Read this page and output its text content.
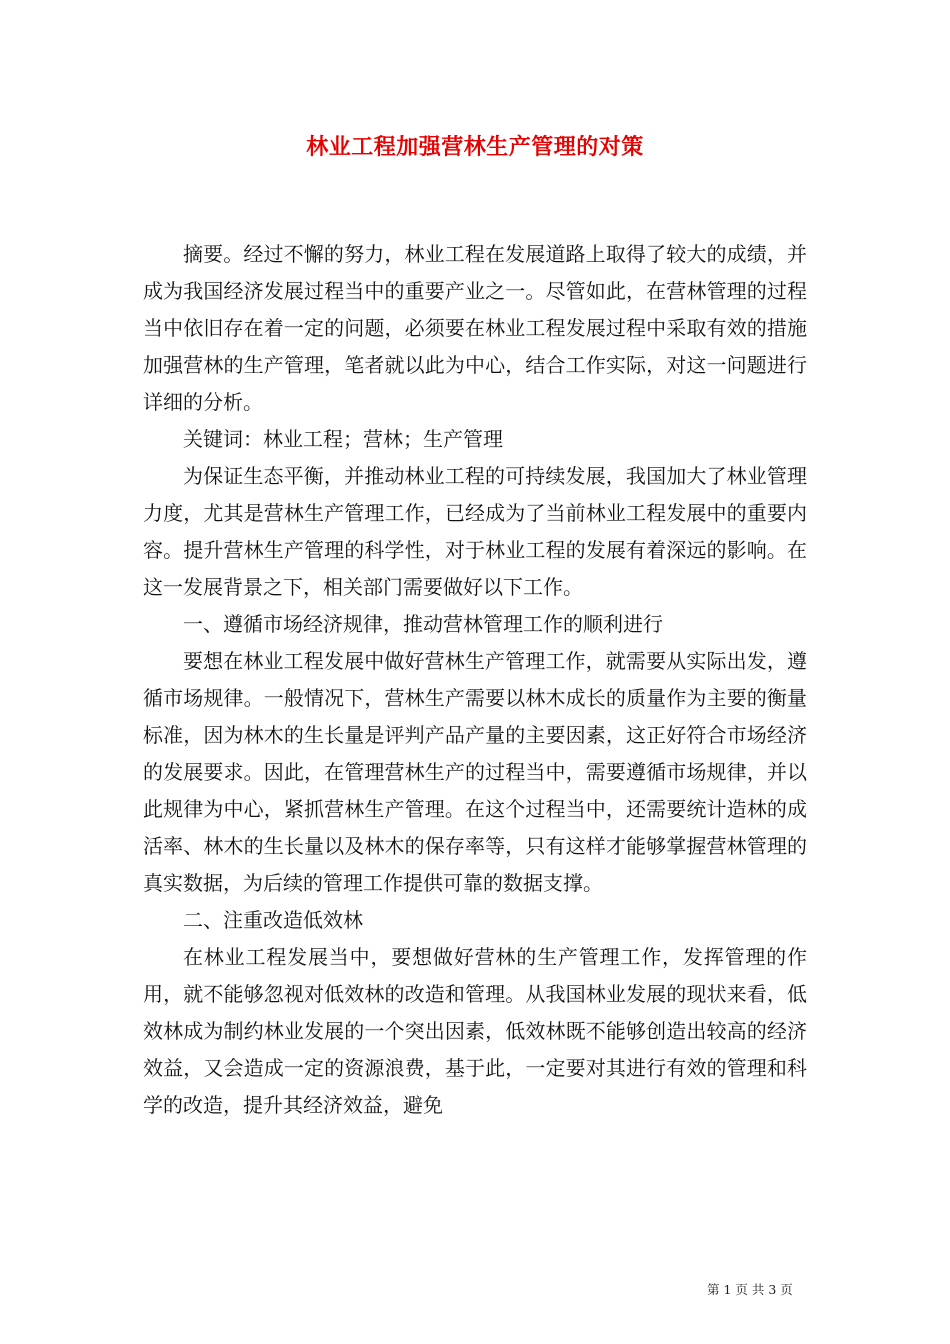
林业工程加强营林生产管理的对策

摘要。经过不懈的努力，林业工程在发展道路上取得了较大的成绩，并成为我国经济发展过程当中的重要产业之一。尽管如此，在营林管理的过程当中依旧存在着一定的问题，必须要在林业工程发展过程中采取有效的措施加强营林的生产管理，笔者就以此为中心，结合工作实际，对这一问题进行详细的分析。

关键词：林业工程；营林；生产管理

为保证生态平衡，并推动林业工程的可持续发展，我国加大了林业管理力度，尤其是营林生产管理工作，已经成为了当前林业工程发展中的重要内容。提升营林生产管理的科学性，对于林业工程的发展有着深远的影响。在这一发展背景之下，相关部门需要做好以下工作。

一、遵循市场经济规律，推动营林管理工作的顺利进行

要想在林业工程发展中做好营林生产管理工作，就需要从实际出发，遵循市场规律。一般情况下，营林生产需要以林木成长的质量作为主要的衡量标准，因为林木的生长量是评判产品产量的主要因素，这正好符合市场经济的发展要求。因此，在管理营林生产的过程当中，需要遵循市场规律，并以此规律为中心，紧抓营林生产管理。在这个过程当中，还需要统计造林的成活率、林木的生长量以及林木的保存率等，只有这样才能够掌握营林管理的真实数据，为后续的管理工作提供可靠的数据支撑。

二、注重改造低效林

在林业工程发展当中，要想做好营林的生产管理工作，发挥管理的作用，就不能够忽视对低效林的改造和管理。从我国林业发展的现状来看，低效林成为制约林业发展的一个突出因素，低效林既不能够创造出较高的经济效益，又会造成一定的资源浪费，基于此，一定要对其进行有效的管理和科学的改造，提升其经济效益，避免

第 1 页 共 3 页
